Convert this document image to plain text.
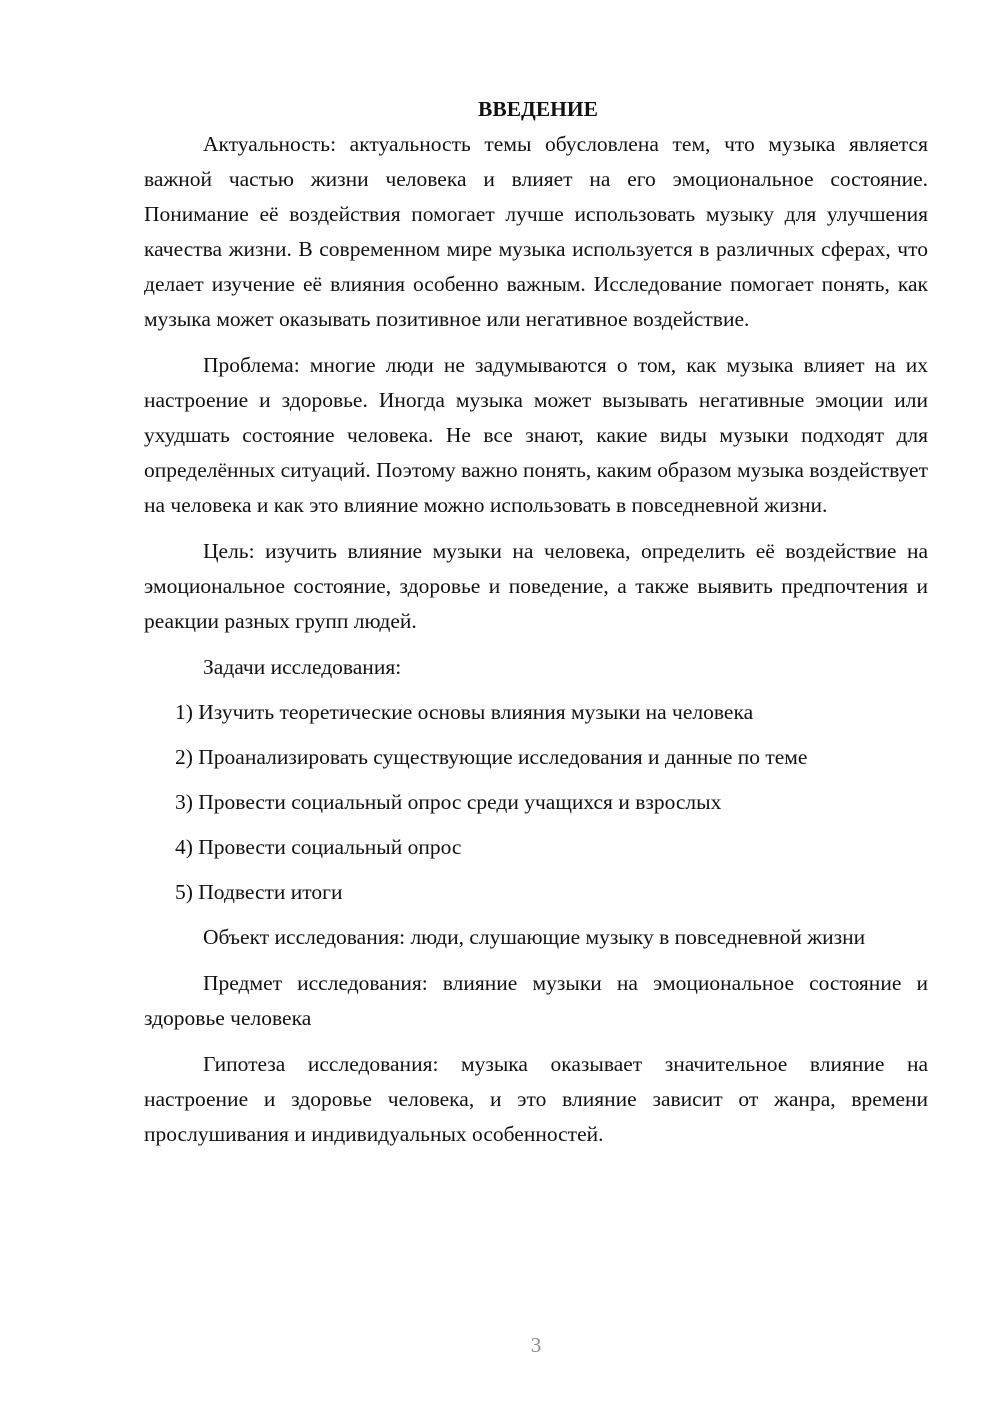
ВВЕДЕНИЕ

Актуальность: актуальность темы обусловлена тем, что музыка является важной частью жизни человека и влияет на его эмоциональное состояние. Понимание её воздействия помогает лучше использовать музыку для улучшения качества жизни. В современном мире музыка используется в различных сферах, что делает изучение её влияния особенно важным. Исследование помогает понять, как музыка может оказывать позитивное или негативное воздействие.

Проблема: многие люди не задумываются о том, как музыка влияет на их настроение и здоровье. Иногда музыка может вызывать негативные эмоции или ухудшать состояние человека. Не все знают, какие виды музыки подходят для определённых ситуаций. Поэтому важно понять, каким образом музыка воздействует на человека и как это влияние можно использовать в повседневной жизни.

Цель: изучить влияние музыки на человека, определить её воздействие на эмоциональное состояние, здоровье и поведение, а также выявить предпочтения и реакции разных групп людей.

Задачи исследования:

1) Изучить теоретические основы влияния музыки на человека
2) Проанализировать существующие исследования и данные по теме
3) Провести социальный опрос среди учащихся и взрослых
4) Провести социальный опрос
5) Подвести итоги

Объект исследования: люди, слушающие музыку в повседневной жизни

Предмет исследования: влияние музыки на эмоциональное состояние и здоровье человека

Гипотеза исследования: музыка оказывает значительное влияние на настроение и здоровье человека, и это влияние зависит от жанра, времени прослушивания и индивидуальных особенностей.

3
